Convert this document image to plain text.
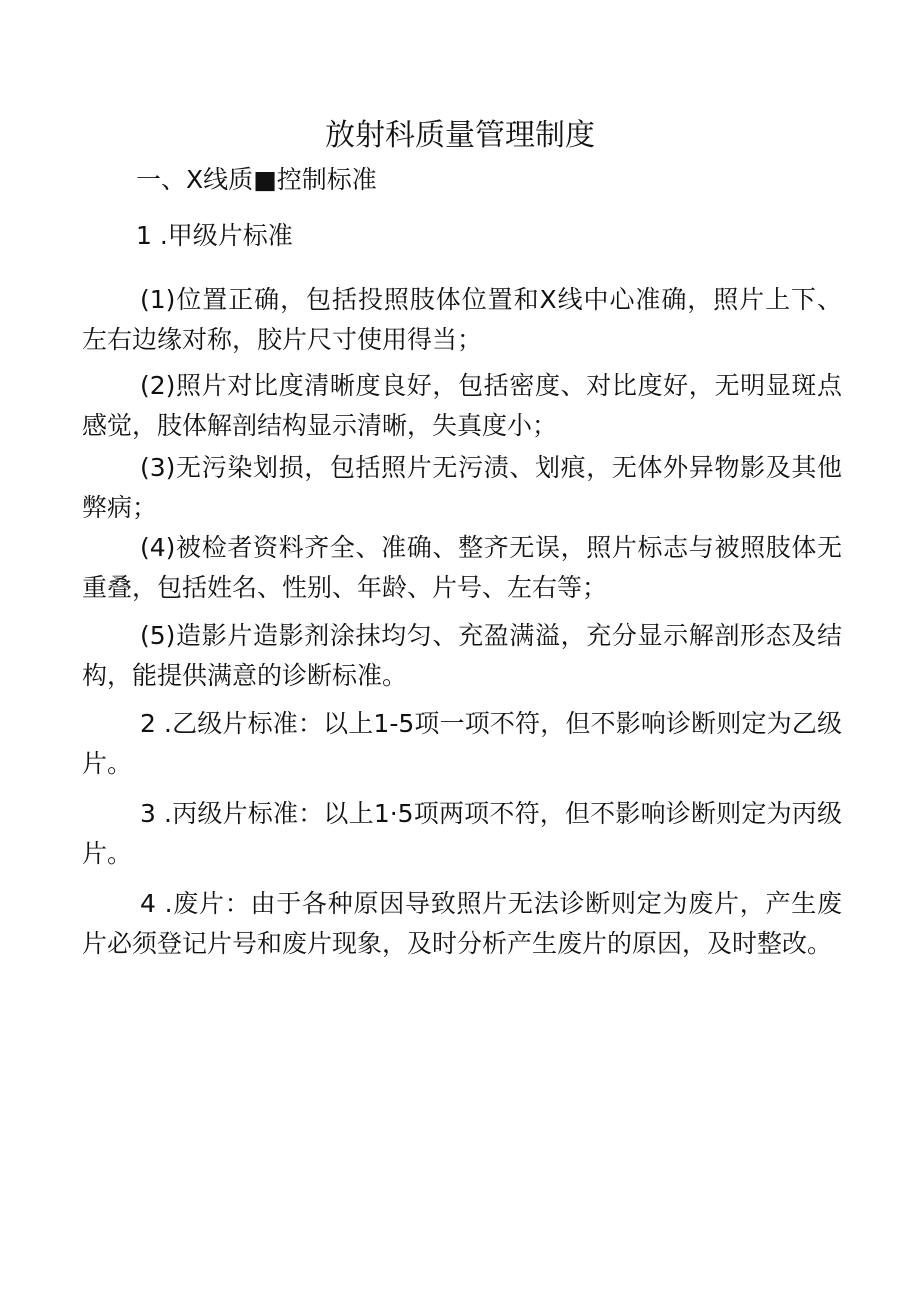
放射科质量管理制度

一、X线质■控制标准

1 .甲级片标准

(1)位置正确，包括投照肢体位置和X线中心准确，照片上下、左右边缘对称，胶片尺寸使用得当；

(2)照片对比度清晰度良好，包括密度、对比度好，无明显斑点感觉，肢体解剖结构显示清晰，失真度小；

(3)无污染划损，包括照片无污渍、划痕，无体外异物影及其他弊病；

(4)被检者资料齐全、准确、整齐无误，照片标志与被照肢体无重叠，包括姓名、性别、年龄、片号、左右等；

(5)造影片造影剂涂抹均匀、充盈满溢，充分显示解剖形态及结构，能提供满意的诊断标准。

2 .乙级片标准：以上1-5项一项不符，但不影响诊断则定为乙级片。

3 .丙级片标准：以上1·5项两项不符，但不影响诊断则定为丙级片。

4 .废片：由于各种原因导致照片无法诊断则定为废片，产生废片必须登记片号和废片现象，及时分析产生废片的原因，及时整改。
